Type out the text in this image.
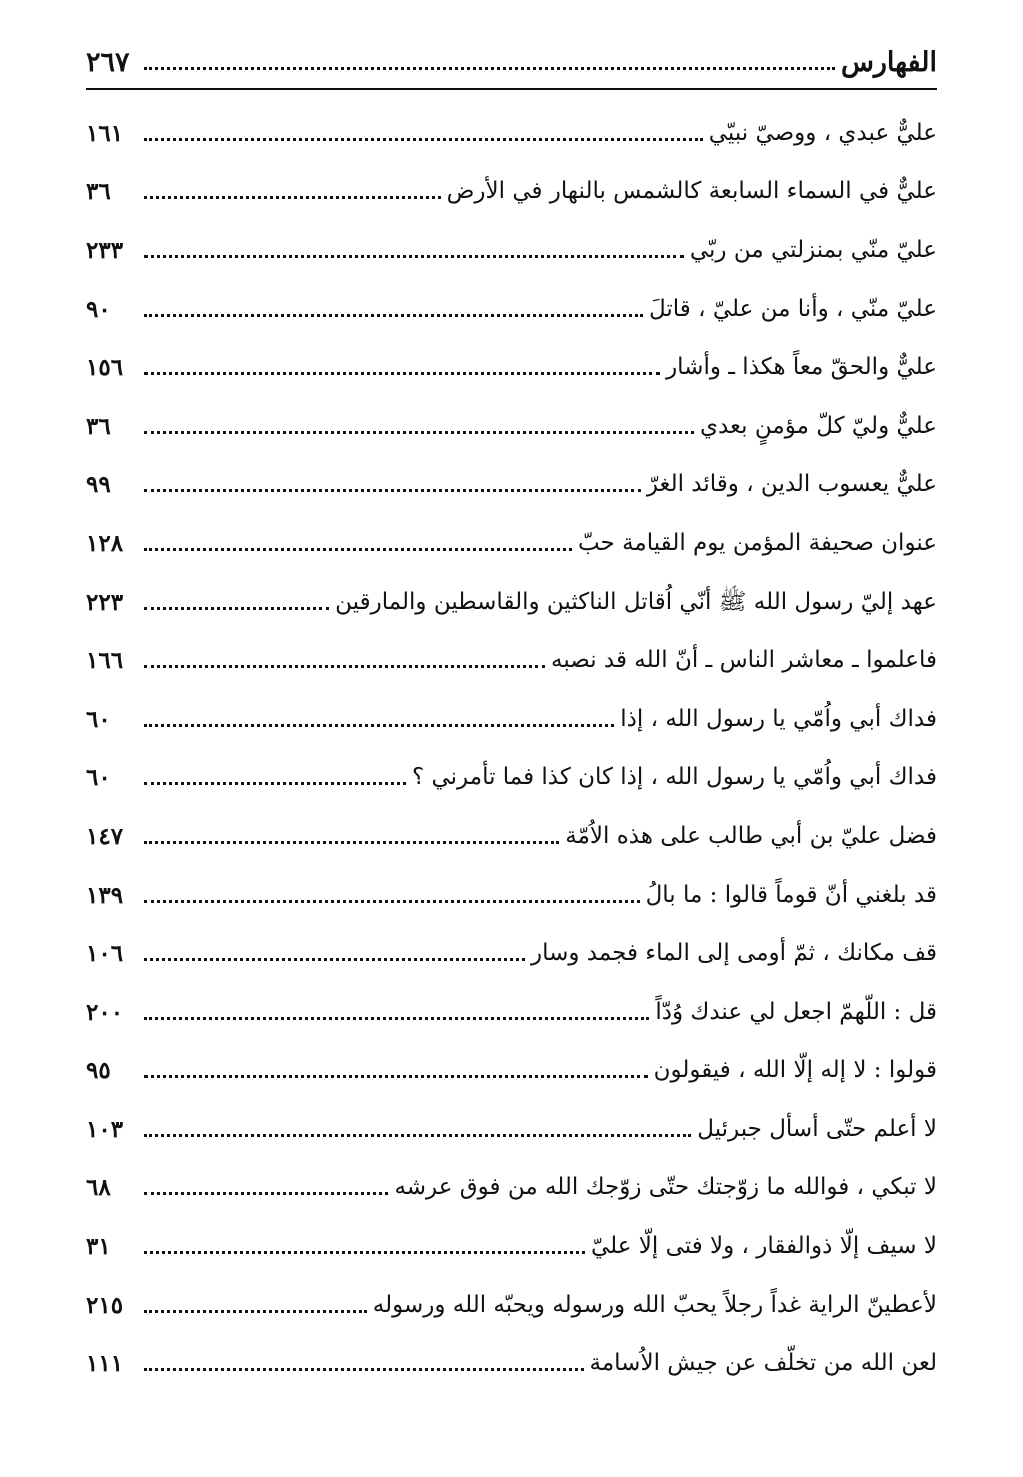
الفهارس
٢٦٧
عليٌّ عبدي ، ووصيّ نبيّي
١٦١
عليٌّ في السماء السابعة كالشمس بالنهار في الأرض
٣٦
عليّ منّي بمنزلتي من ربّي
٢٣٣
عليّ منّي ، وأنا من عليّ ، قاتلَ
٩٠
عليٌّ والحقّ معاً هكذا ـ وأشار
١٥٦
عليٌّ وليّ كلّ مؤمنٍ بعدي
٣٦
عليٌّ يعسوب الدين ، وقائد الغرّ
٩٩
عنوان صحيفة المؤمن يوم القيامة حبّ
١٢٨
عهد إليّ رسول الله ﷺ أنّي اُقاتل الناكثين والقاسطين والمارقين
٢٢٣
فاعلموا ـ معاشر الناس ـ أنّ الله قد نصبه
١٦٦
فداك أبي واُمّي يا رسول الله ، إذا
٦٠
فداك أبي واُمّي يا رسول الله ، إذا كان كذا فما تأمرني ؟
٦٠
فضل عليّ بن أبي طالب على هذه الاُمّة
١٤٧
قد بلغني أنّ قوماً قالوا : ما بالُ
١٣٩
قف مكانك ، ثمّ أومى إلى الماء فجمد وسار
١٠٦
قل : اللّهمّ اجعل لي عندك وُدّاً
٢٠٠
قولوا : لا إله إلّا الله ، فيقولون
٩٥
لا أعلم حتّى أسأل جبرئيل
١٠٣
لا تبكي ، فوالله ما زوّجتك حتّى زوّجك الله من فوق عرشه
٦٨
لا سيف إلّا ذوالفقار ، ولا فتى إلّا عليّ
٣١
لأعطينّ الراية غداً رجلاً يحبّ الله ورسوله ويحبّه الله ورسوله
٢١٥
لعن الله من تخلّف عن جيش الاُسامة
١١١
